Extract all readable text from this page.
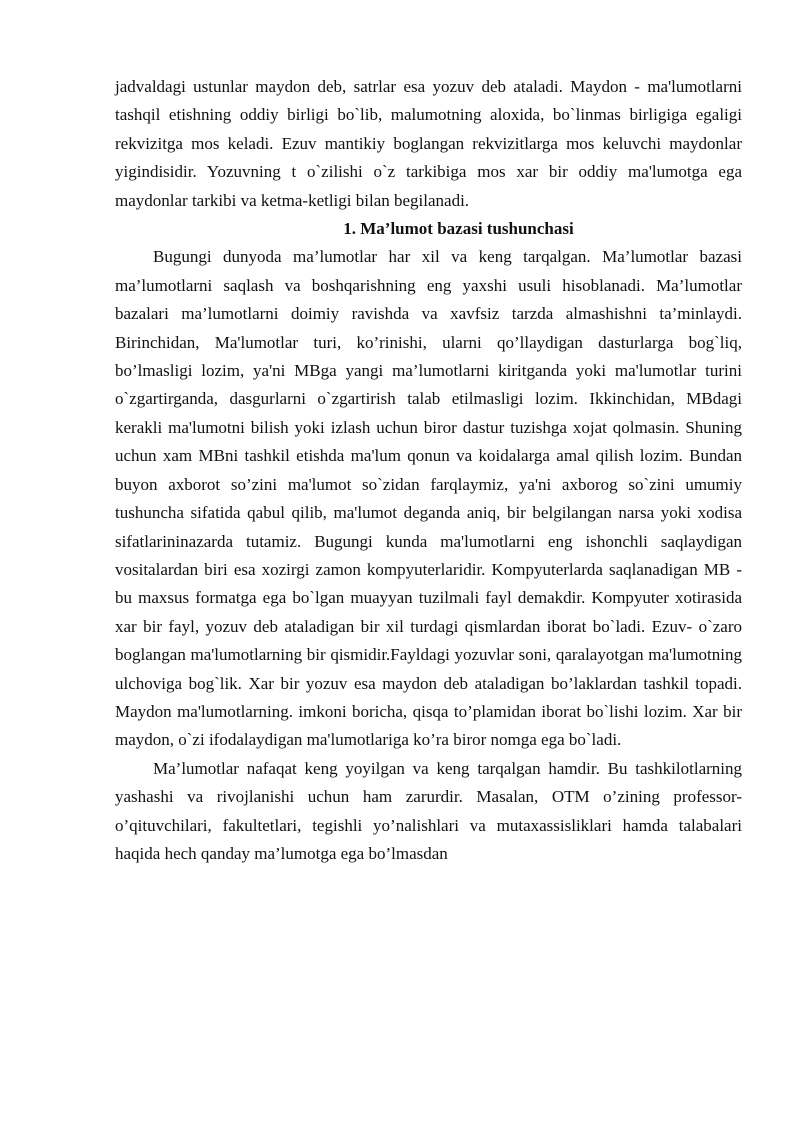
jadvaldagi ustunlar maydon deb, satrlar esa yozuv deb ataladi. Maydon - ma'lumotlarni tashqil etishning oddiy birligi bo`lib, malumotning aloxida, bo`linmas birligiga egaligi rekvizitga mos keladi. Ezuv mantikiy boglangan rekvizitlarga mos keluvchi maydonlar yigindisidir. Yozuvning t o`zilishi o`z tarkibiga mos xar bir oddiy ma'lumotga ega maydonlar tarkibi va ketma-ketligi bilan begilanadi.

1. Ma’lumot bazasi tushunchasi

Bugungi dunyoda ma’lumotlar har xil va keng tarqalgan. Ma’lumotlar bazasi ma’lumotlarni saqlash va boshqarishning eng yaxshi usuli hisoblanadi. Ma’lumotlar bazalari ma’lumotlarni doimiy ravishda va xavfsiz tarzda almashishni ta’minlaydi. Birinchidan, Ma'lumotlar turi, ko’rinishi, ularni qo’llaydigan dasturlarga bog`liq, bo’lmasligi lozim, ya'ni MBga yangi ma’lumotlarni kiritganda yoki ma'lumotlar turini o`zgartirganda, dasgurlarni o`zgartirish talab etilmasligi lozim. Ikkinchidan, MBdagi kerakli ma'lumotni bilish yoki izlash uchun biror dastur tuzishga xojat qolmasin. Shuning uchun xam MBni tashkil etishda ma'lum qonun va koidalarga amal qilish lozim. Bundan buyon axborot so’zini ma'lumot so`zidan farqlaymiz, ya'ni axborog so`zini umumiy tushuncha sifatida qabul qilib, ma'lumot deganda aniq, bir belgilangan narsa yoki xodisa sifatlarininazarda tutamiz. Bugungi kunda ma'lumotlarni eng ishonchli saqlaydigan vositalardan biri esa xozirgi zamon kompyuterlaridir. Kompyuterlarda saqlanadigan MB - bu maxsus formatga ega bo`lgan muayyan tuzilmali fayl demakdir. Kompyuter xotirasida xar bir fayl, yozuv deb ataladigan bir xil turdagi qismlardan iborat bo`ladi. Ezuv- o`zaro boglangan ma'lumotlarning bir qismidir.Fayldagi yozuvlar soni, qaralayotgan ma'lumotning ulchoviga bog`lik. Xar bir yozuv esa maydon deb ataladigan bo’laklardan tashkil topadi. Maydon ma'lumotlarning. imkoni boricha, qisqa to’plamidan iborat bo`lishi lozim. Xar bir maydon, o`zi ifodalaydigan ma'lumotlariga ko’ra biror nomga ega bo`ladi.

Ma’lumotlar nafaqat keng yoyilgan va keng tarqalgan hamdir. Bu tashkilotlarning yashashi va rivojlanishi uchun ham zarurdir. Masalan, OTM o’zining professor-o’qituvchilari, fakultetlari, tegishli yo’nalishlari va mutaxassisliklari hamda talabalari haqida hech qanday ma’lumotga ega bo’lmasdan
